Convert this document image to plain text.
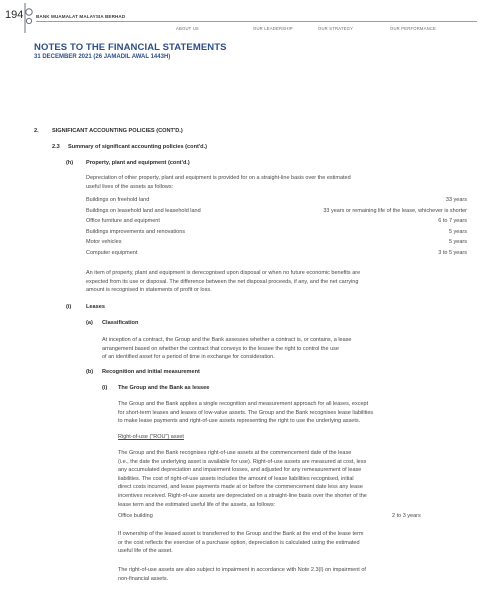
194	BANK MUAMALAT MALAYSIA BERHAD
ABOUT US	OUR LEADERSHIP	OUR STRATEGY	OUR PERFORMANCE
NOTES TO THE FINANCIAL STATEMENTS
31 DECEMBER 2021 (26 JAMADIL AWAL 1443H)
2. SIGNIFICANT ACCOUNTING POLICIES (CONT'D.)
2.3 Summary of significant accounting policies (cont'd.)
(h) Property, plant and equipment (cont'd.)
Depreciation of other property, plant and equipment is provided for on a straight-line basis over the estimated
useful lives of the assets as follows:
Buildings on freehold land	33 years
Buildings on leasehold land and leasehold land	33 years or remaining life of the lease, whichever is shorter
Office furniture and equipment	6 to 7 years
Buildings improvements and renovations	5 years
Motor vehicles	5 years
Computer equipment	3 to 5 years
An item of property, plant and equipment is derecognised upon disposal or when no future economic benefits are
expected from its use or disposal. The difference between the net disposal proceeds, if any, and the net carrying
amount is recognised in statements of profit or loss.
(i)	Leases
(a) Classification
At inception of a contract, the Group and the Bank assesses whether a contract is, or contains, a lease
arrangement based on whether the contract that conveys to the lessee the right to control the use
of an identified asset for a period of time in exchange for consideration.
(b) Recognition and initial measurement
(i) The Group and the Bank as lessee
The Group and the Bank applies a single recognition and measurement approach for all leases, except
for short-term leases and leases of low-value assets. The Group and the Bank recognises lease liabilities
to make lease payments and right-of-use assets representing the right to use the underlying assets.
Right-of-use ("ROU") asset
The Group and the Bank recognises right-of-use assets at the commencement date of the lease
(i.e., the date the underlying asset is available for use). Right-of-use assets are measured at cost, less
any accumulated depreciation and impairment losses, and adjusted for any remeasurement of lease
liabilities. The cost of right-of-use assets includes the amount of lease liabilities recognised, initial
direct costs incurred, and lease payments made at or before the commencement date less any lease
incentives received. Right-of-use assets are depreciated on a straight-line basis over the shorter of the
lease term and the estimated useful life of the assets, as follows:
Office building	2 to 3 years
If ownership of the leased asset is transferred to the Group and the Bank at the end of the lease term
or the cost reflects the exercise of a purchase option, depreciation is calculated using the estimated
useful life of the asset.
The right-of-use assets are also subject to impairment in accordance with Note 2.3(l) on impairment of
non-financial assets.
